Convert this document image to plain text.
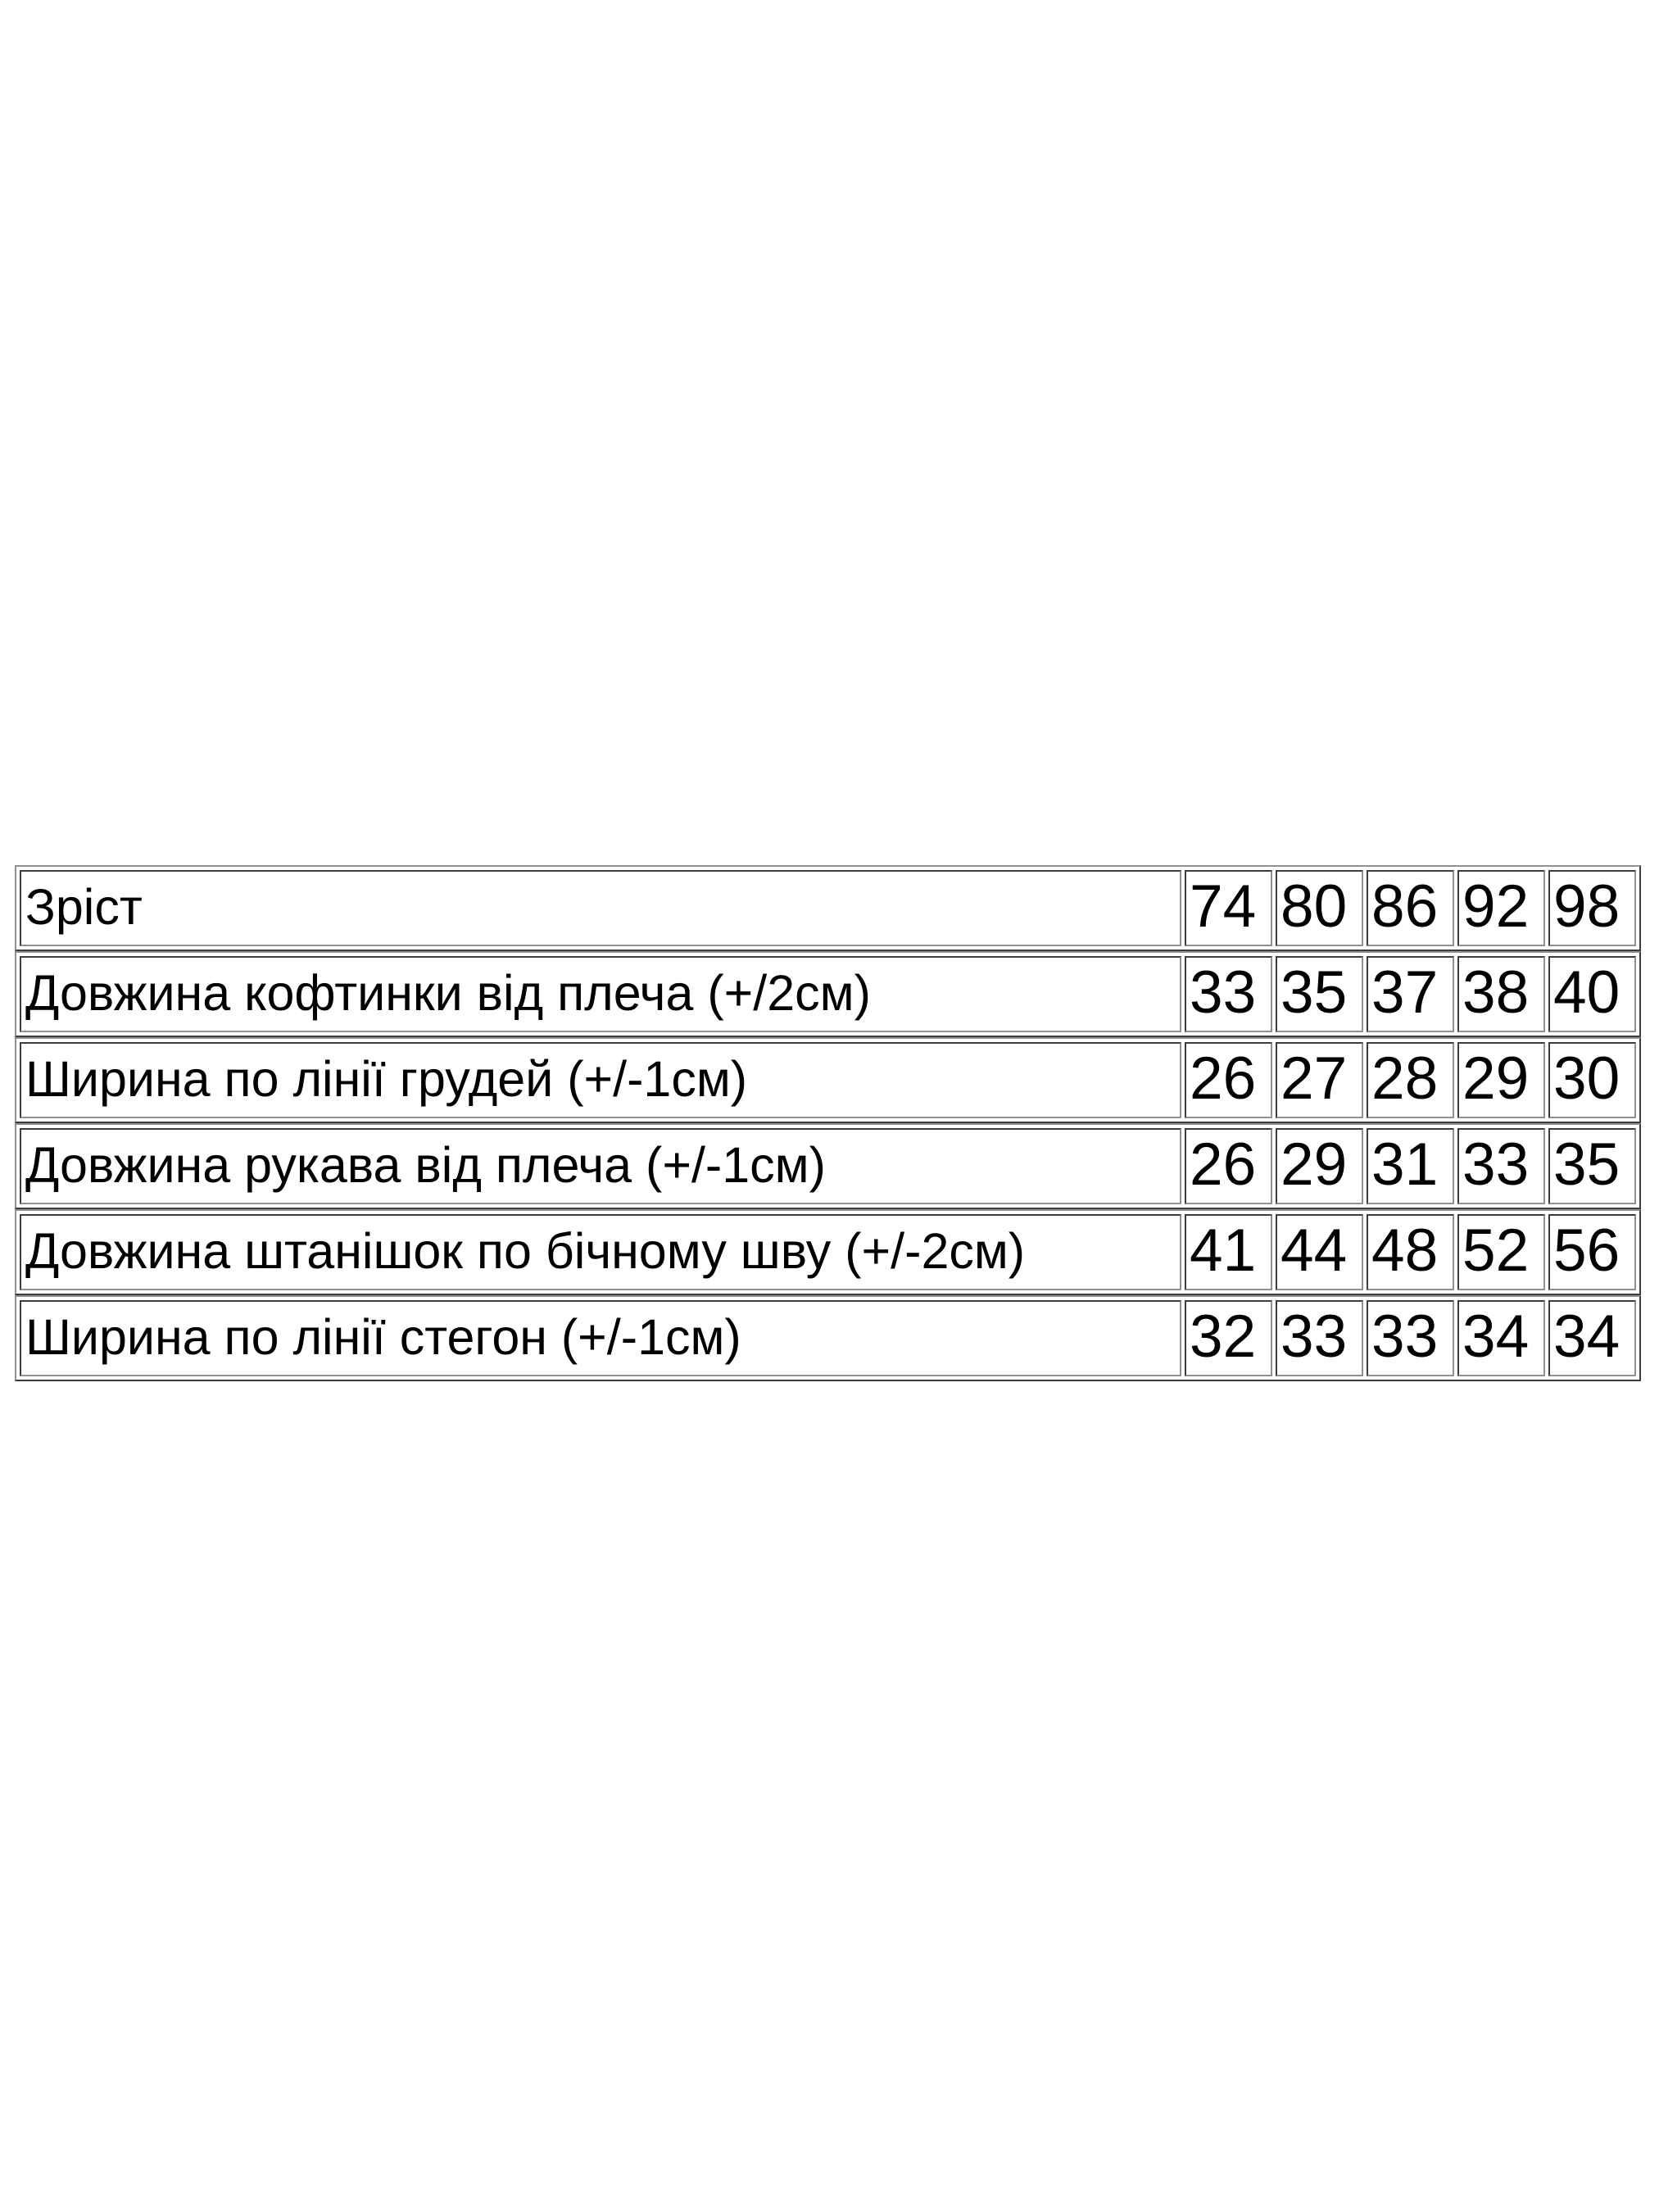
Зріст	74	80	86	92	98
Довжина кофтинки від плеча (+/2см)	33	35	37	38	40
Ширина по лінії грудей (+/-1см)	26	27	28	29	30
Довжина рукава від плеча (+/-1см)	26	29	31	33	35
Довжина штанішок по бічному шву (+/-2см)	41	44	48	52	56
Ширина по лінії стегон (+/-1см)	32	33	33	34	34
